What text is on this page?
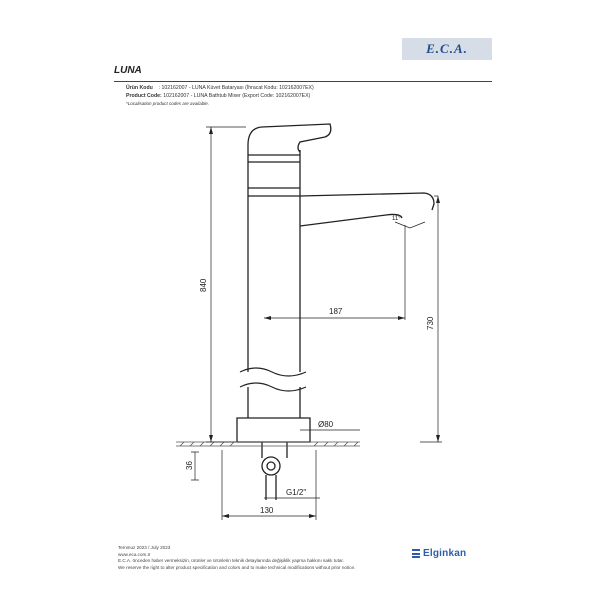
E.C.A.
LUNA
Ürün Kodu : 102162007 - LUNA Küvet Bataryası (İhracat Kodu: 102162007EX)
Product Code: 102162007 - LUNA Bathtub Mixer (Export Code: 102162007EX)
*Localisation product codes are available.
840
730
187
Ø80
11°
36
G1/2"
130
Temmuz 2023 / July 2023
www.eca.com.tr
E.C.A. önceden haber vermeksizin, ürünler ve ürünlerin teknik detaylarında değişiklik yapma hakkını saklı tutar.
We reserve the right to alter product specification and colors and to make technical modifications without prior notice.
Elginkan
